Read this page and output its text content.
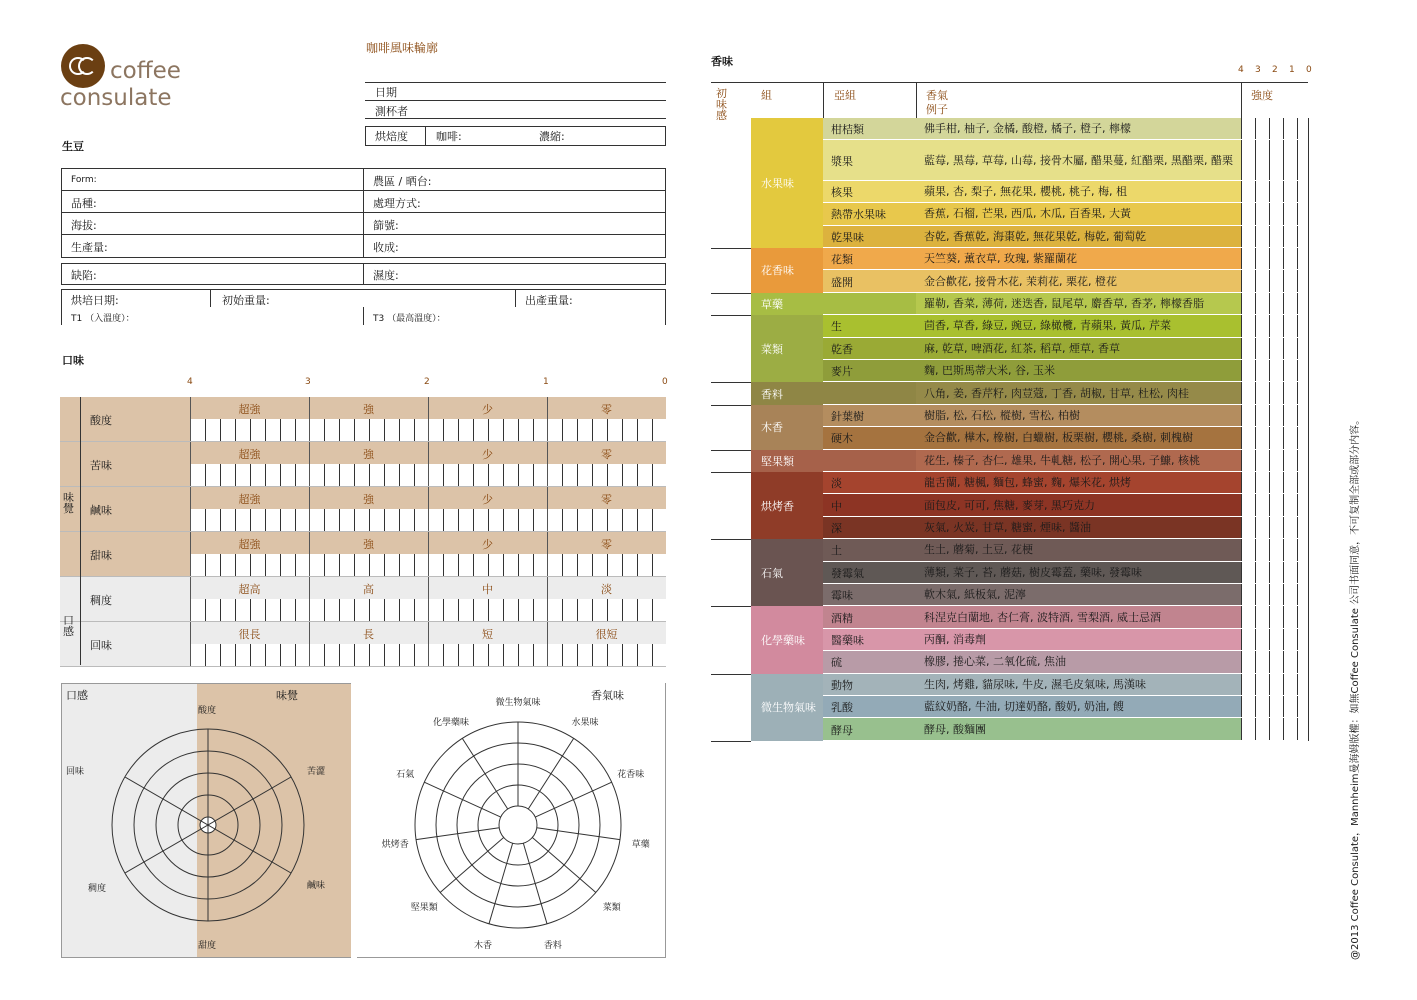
coffee
consulate
咖啡風味輪廓
日期
測杯者
烘焙度	咖啡:	濃縮:
生豆
Form:	農區 / 晒台:
品種:	處理方式:
海拔:	篩號:
生產量:	收成:
缺陷:	濕度:
烘培日期:	初始重量:	出產重量:
T1 （入溫度）：	T3 （最高溫度）：
口味
4	3	2	1	0
酸度
超強	強	少	零
苦味
超強	強	少	零
鹹味
超強	強	少	零
甜味
超強	強	少	零
稠度
超高	高	中	淡
回味
很長	長	短	很短
味覺
口感
口感	味覺
酸度
苦澀
鹹味
甜度
稠度
回味
香氣味
微生物氣味
水果味
花香味
草藥
菜類
香料
木香
堅果類
烘烤香
石氣
化學藥味
香味
4 3 2 1 0
初味感
組	亞組	香氣
例子
強度
柑桔類	佛手柑, 柚子, 金橘, 酸橙, 橘子, 橙子, 檸檬
漿果	藍莓, 黑莓, 草莓, 山莓, 接骨木屬, 醋果蔓, 紅醋栗, 黑醋栗, 醋栗
核果	蘋果, 杏, 梨子, 無花果, 櫻桃, 桃子, 梅, 柤
熱帶水果味	香蕉, 石榴, 芒果, 西瓜, 木瓜, 百香果, 大黃
乾果味	杏乾, 香蕉乾, 海棗乾, 無花果乾, 梅乾, 葡萄乾
水果味
花類	天竺葵, 薰衣草, 玫瑰, 紫羅蘭花
盛開	金合歡花, 接骨木花, 茉莉花, 栗花, 橙花
花香味
羅勒, 香菜, 薄荷, 迷迭香, 鼠尾草, 麝香草, 香茅, 檸檬香脂
草藥
生	茴香, 草香, 綠豆, 豌豆, 綠橄欖, 青蘋果, 黃瓜, 芹菜
乾香	麻, 乾草, 啤酒花, 紅茶, 稻草, 煙草, 香草
麥片	麴, 巴斯馬蒂大米, 谷, 玉米
菜類
八角, 姜, 香芹籽, 肉荳蔻, 丁香, 胡椒, 甘草, 杜松, 肉桂
香料
針葉樹	樹脂, 松, 石松, 樅樹, 雪松, 柏樹
硬木	金合歡, 樺木, 橡樹, 白蠟樹, 板栗樹, 櫻桃, 桑樹, 刺槐樹
木香
花生, 榛子, 杏仁, 雄果, 牛軋糖, 松子, 開心果, 子鱇, 核桃
堅果類
淡	龍舌蘭, 糖楓, 麵包, 蜂蜜, 麴, 爆米花, 烘烤
中	面包皮, 可可, 焦糖, 麥芽, 黑巧克力
深	灰氣, 火炭, 甘草, 糖蜜, 煙味, 醬油
烘烤香
土	生土, 蘑菊, 土豆, 花梗
發霉氣	薄類, 菜子, 苔, 蘑菇, 樹皮霉蓋, 藥味, 發霉味
霉味	軟木氣, 紙板氣, 泥濘
石氣
酒精	科涅克白蘭地, 杏仁膏, 波特酒, 雪梨酒, 威士忌酒
醫藥味	丙酮, 消毒劑
硫	橡膠, 捲心菜, 二氧化硫, 焦油
化學藥味
動物	生肉, 烤雞, 貓尿味, 牛皮, 濕毛皮氣味, 馬漢味
乳酸	藍紋奶酪, 牛油, 切達奶酪, 酸奶, 奶油, 餿
酵母	酵母, 酸麵團
微生物氣味	@2013 Coffee Consulate，Mannheim曼海姆版權：如無Coffee Consulate 公司书面同意，不可复制全部或部分内容。
